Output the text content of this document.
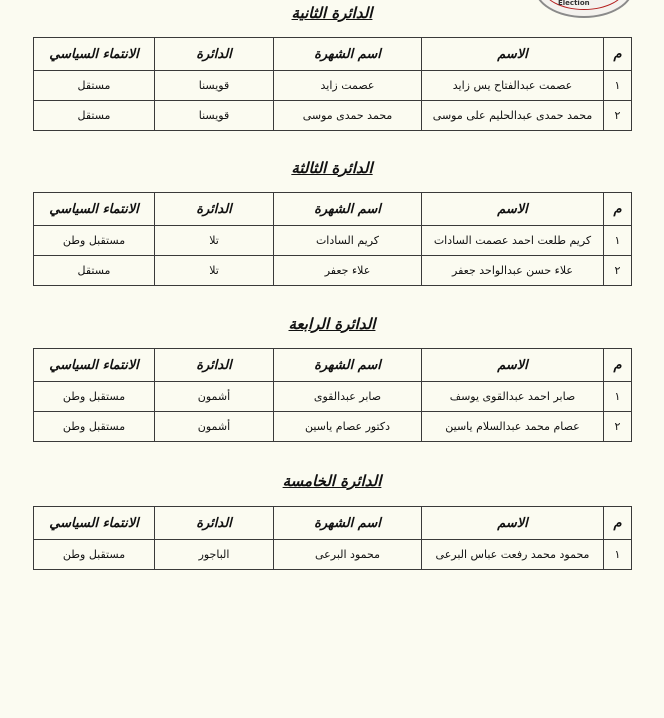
Election
الدائرة الثانية
م	الاسم	اسم الشهرة	الدائرة	الانتماء السياسي
١	عصمت عبدالفتاح يس زايد	عصمت زايد	قويسنا	مستقل
٢	محمد حمدى عبدالحليم على موسى	محمد حمدى موسى	قويسنا	مستقل
الدائرة الثالثة
م	الاسم	اسم الشهرة	الدائرة	الانتماء السياسي
١	كريم طلعت احمد عصمت السادات	كريم السادات	تلا	مستقبل وطن
٢	علاء حسن عبدالواحد جعفر	علاء جعفر	تلا	مستقل
الدائرة الرابعة
م	الاسم	اسم الشهرة	الدائرة	الانتماء السياسي
١	صابر احمد عبدالقوى يوسف	صابر عبدالقوى	أشمون	مستقبل وطن
٢	عصام محمد عبدالسلام ياسين	دكتور عصام ياسين	أشمون	مستقبل وطن
الدائرة الخامسة
م	الاسم	اسم الشهرة	الدائرة	الانتماء السياسي
١	محمود محمد رفعت عباس البرعى	محمود البرعى	الباجور	مستقبل وطن
